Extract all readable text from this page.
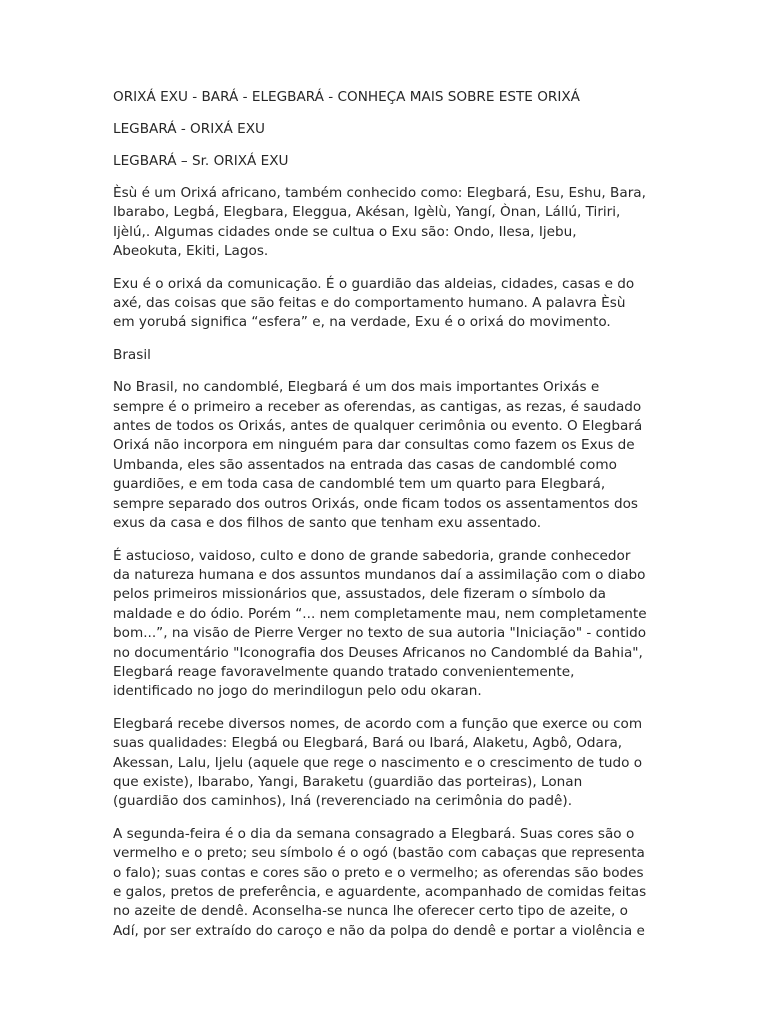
ORIXÁ EXU - BARÁ - ELEGBARÁ - CONHEÇA MAIS SOBRE ESTE ORIXÁ

LEGBARÁ - ORIXÁ EXU

LEGBARÁ – Sr. ORIXÁ EXU

Èsù é um Orixá africano, também conhecido como: Elegbará, Esu, Eshu, Bara,
Ibarabo, Legbá, Elegbara, Eleggua, Akésan, Igèlù, Yangí, Ònan, Lállú, Tiriri,
Ijèlú,. Algumas cidades onde se cultua o Exu são: Ondo, Ilesa, Ijebu,
Abeokuta, Ekiti, Lagos.

Exu é o orixá da comunicação. É o guardião das aldeias, cidades, casas e do
axé, das coisas que são feitas e do comportamento humano. A palavra Èsù
em yorubá significa “esfera” e, na verdade, Exu é o orixá do movimento.

Brasil

No Brasil, no candomblé, Elegbará é um dos mais importantes Orixás e
sempre é o primeiro a receber as oferendas, as cantigas, as rezas, é saudado
antes de todos os Orixás, antes de qualquer cerimônia ou evento. O Elegbará
Orixá não incorpora em ninguém para dar consultas como fazem os Exus de
Umbanda, eles são assentados na entrada das casas de candomblé como
guardiões, e em toda casa de candomblé tem um quarto para Elegbará,
sempre separado dos outros Orixás, onde ficam todos os assentamentos dos
exus da casa e dos filhos de santo que tenham exu assentado.

É astucioso, vaidoso, culto e dono de grande sabedoria, grande conhecedor
da natureza humana e dos assuntos mundanos daí a assimilação com o diabo
pelos primeiros missionários que, assustados, dele fizeram o símbolo da
maldade e do ódio. Porém “... nem completamente mau, nem completamente
bom...”, na visão de Pierre Verger no texto de sua autoria "Iniciação" - contido
no documentário "Iconografia dos Deuses Africanos no Candomblé da Bahia",
Elegbará reage favoravelmente quando tratado convenientemente,
identificado no jogo do merindilogun pelo odu okaran.

Elegbará recebe diversos nomes, de acordo com a função que exerce ou com
suas qualidades: Elegbá ou Elegbará, Bará ou Ibará, Alaketu, Agbô, Odara,
Akessan, Lalu, Ijelu (aquele que rege o nascimento e o crescimento de tudo o
que existe), Ibarabo, Yangi, Baraketu (guardião das porteiras), Lonan
(guardião dos caminhos), Iná (reverenciado na cerimônia do padê).

A segunda-feira é o dia da semana consagrado a Elegbará. Suas cores são o
vermelho e o preto; seu símbolo é o ogó (bastão com cabaças que representa
o falo); suas contas e cores são o preto e o vermelho; as oferendas são bodes
e galos, pretos de preferência, e aguardente, acompanhado de comidas feitas
no azeite de dendê. Aconselha-se nunca lhe oferecer certo tipo de azeite, o
Adí, por ser extraído do caroço e não da polpa do dendê e portar a violência e
